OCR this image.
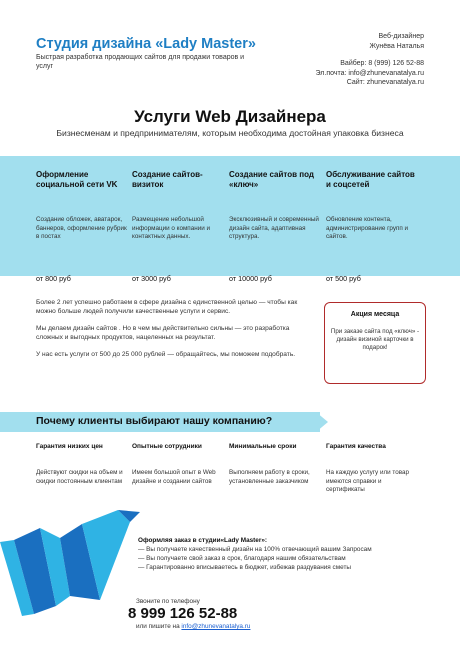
Студия дизайна «Lady Master»
Быстрая разработка продающих сайтов для продажи товаров и услуг
Веб-дизайнер
Жунёва Наталья
Вайбер: 8 (999) 126 52-88
Эл.почта: info@zhunevanatalya.ru
Сайт: zhunevanatalya.ru
Услуги Web Дизайнера
Бизнесменам и предпринимателям, которым необходима достойная упаковка бизнеса
Оформление социальной сети VK
Создание обложек, аватарок, баннеров, оформление рубрик в постах
от 800 руб
Создание сайтов-визиток
Размещение небольшой информации о компании и контактных данных.
от 3000 руб
Создание сайтов под «ключ»
Эксклюзивный и современный дизайн сайта, адаптивная структура.
от 10000 руб
Обслуживание сайтов и соцсетей
Обновление контента, администрирование групп и сайтов.
от 500 руб

Более 2 лет успешно работаем в сфере дизайна с единственной целью — чтобы как можно больше людей получили качественные услуги и сервис.

Мы делаем дизайн сайтов . Но в чем мы действительно сильны — это разработка сложных и выгодных продуктов, нацеленных на результат.

У нас есть услуги от 500 до 25 000 рублей — обращайтесь, мы поможем подобрать.

Акция месяца
При заказе сайта под «ключ» - дизайн визиной карточки в подарок!
Почему клиенты выбирают нашу компанию?
Гарантия низких цен
Действуют скидки на объем и скидки постоянным клиентам
Опытные сотрудники
Имеем большой опыт в Web дизайне и создании сайтов
Минимальные сроки
Выполняем работу в сроки, установленные заказчиком
Гарантия качества
На каждую услугу или товар имеются справки и сертификаты
Оформляя заказ в студии«Lady Master»:
— Вы получаете качественный дизайн на 100% отвечающий вашим Запросам
— Вы получаете свой заказ в срок, благодаря нашим обязательствам
— Гарантированно вписываетесь в бюджет, избежав раздувания сметы
Звоните по телефону
8 999 126 52-88
или пишите на info@zhunevanatalya.ru
